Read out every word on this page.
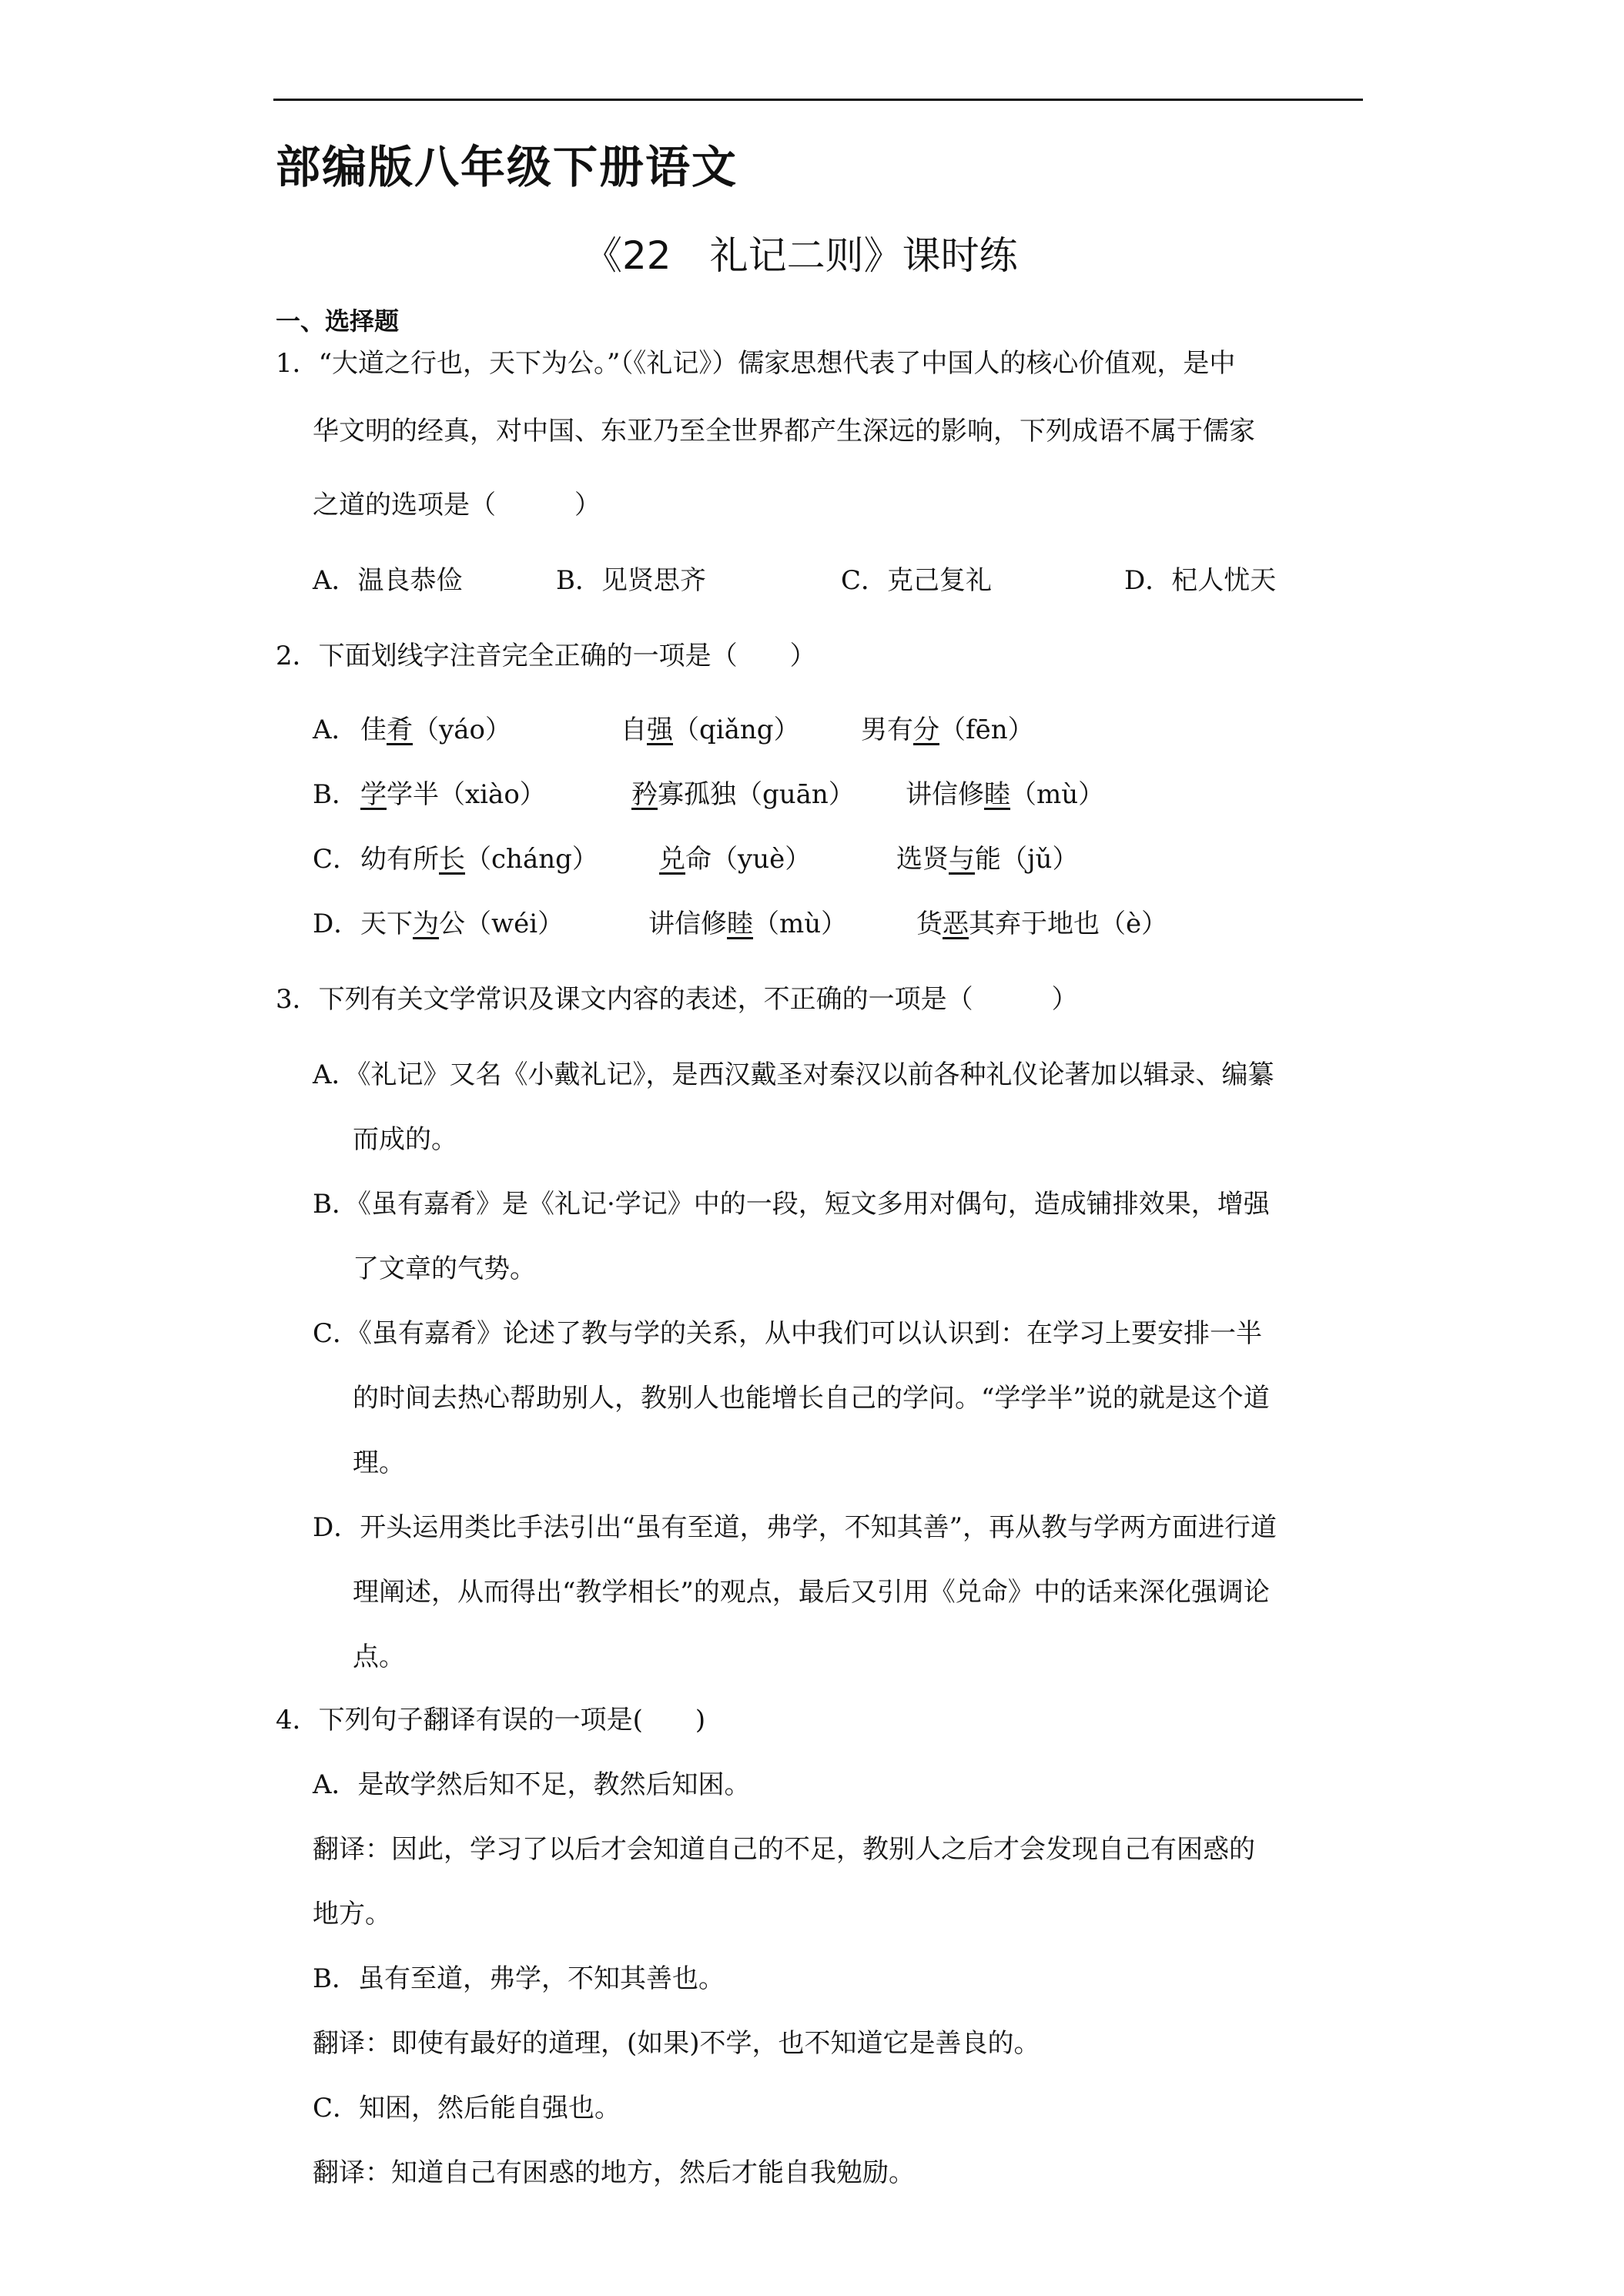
部编版八年级下册语文
《22　礼记二则》课时练
一、选择题
1．“大道之行也，天下为公。”（《礼记》）儒家思想代表了中国人的核心价值观，是中
华文明的经真，对中国、东亚乃至全世界都产生深远的影响，下列成语不属于儒家
之道的选项是（　　　）
A．温良恭俭	B．见贤思齐	C．克己复礼	D．杞人忧天
2．下面划线字注音完全正确的一项是（　　）
A． 佳肴（yáo）	自强（qiǎng） 男有分（fēn）
B． 学学半（xiào）	矜寡孤独（guān） 讲信修睦（mù）
C． 幼有所长（cháng） 兑命（yuè）	选贤与能（jǔ）
D． 天下为公（wéi）	讲信修睦（mù）	货恶其弃于地也（è）
3．下列有关文学常识及课文内容的表述，不正确的一项是（　　　）
A．《礼记》又名《小戴礼记》，是西汉戴圣对秦汉以前各种礼仪论著加以辑录、编纂
而成的。
B．《虽有嘉肴》是《礼记·学记》中的一段，短文多用对偶句，造成铺排效果，增强
了文章的气势。
C．《虽有嘉肴》论述了教与学的关系，从中我们可以认识到：在学习上要安排一半
的时间去热心帮助别人，教别人也能增长自己的学问。“学学半”说的就是这个道
理。
D．开头运用类比手法引出“虽有至道，弗学，不知其善”，再从教与学两方面进行道
理阐述，从而得出“教学相长”的观点，最后又引用《兑命》中的话来深化强调论
点。
4．下列句子翻译有误的一项是(　　)
A．是故学然后知不足，教然后知困。
翻译：因此，学习了以后才会知道自己的不足，教别人之后才会发现自己有困惑的
地方。
B．虽有至道，弗学，不知其善也。
翻译：即使有最好的道理，(如果)不学，也不知道它是善良的。
C．知困，然后能自强也。
翻译：知道自己有困惑的地方，然后才能自我勉励。
